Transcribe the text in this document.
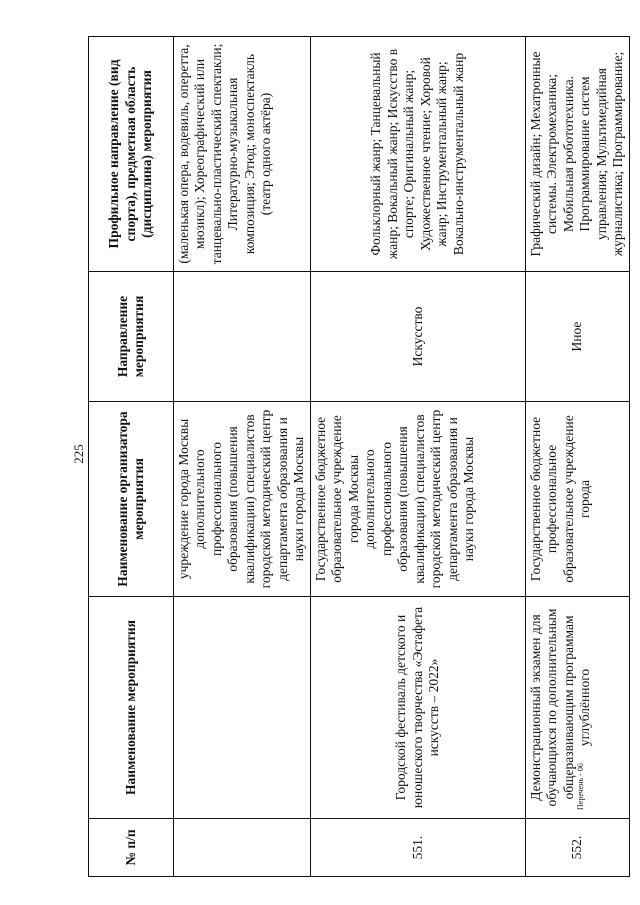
225
№ п/п	Наименование мероприятия	Наименование организатора мероприятия	Направление мероприятия	Профильное направление (вид спорта), предметная область (дисциплина) мероприятия
		учреждение города Москвы дополнительного профессионального образования (повышения квалификации) специалистов городской методический центр департамента образования и науки города Москвы		(маленькая опера, водевиль, оперетта, мюзикл); Хореографический или танцевально-пластический спектакли; Литературно-музыкальная композиция; Этюд; моноспектакль (театр одного актёра)
551.	Городской фестиваль детского и юношеского творчества «Эстафета искусств – 2022»	Государственное бюджетное образовательное учреждение города Москвы дополнительного профессионального образования (повышения квалификации) специалистов городской методический центр департамента образования и науки города Москвы	Искусство	Фольклорный жанр; Танцевальный жанр; Вокальный жанр; Искусство в спорте; Оригинальный жанр; Художественное чтение; Хоровой жанр; Инструментальный жанр; Вокально-инструментальный жанр
552.	Демонстрационный экзамен для обучающихся по дополнительным общеразвивающим программам углублённого	Государственное бюджетное профессиональное образовательное учреждение города	Иное	Графический дизайн; Мехатронные системы. Электромеханика; Мобильная робототехника. Программирование систем управления; Мультимедийная журналистика; Программирование;
Перечень - 06
